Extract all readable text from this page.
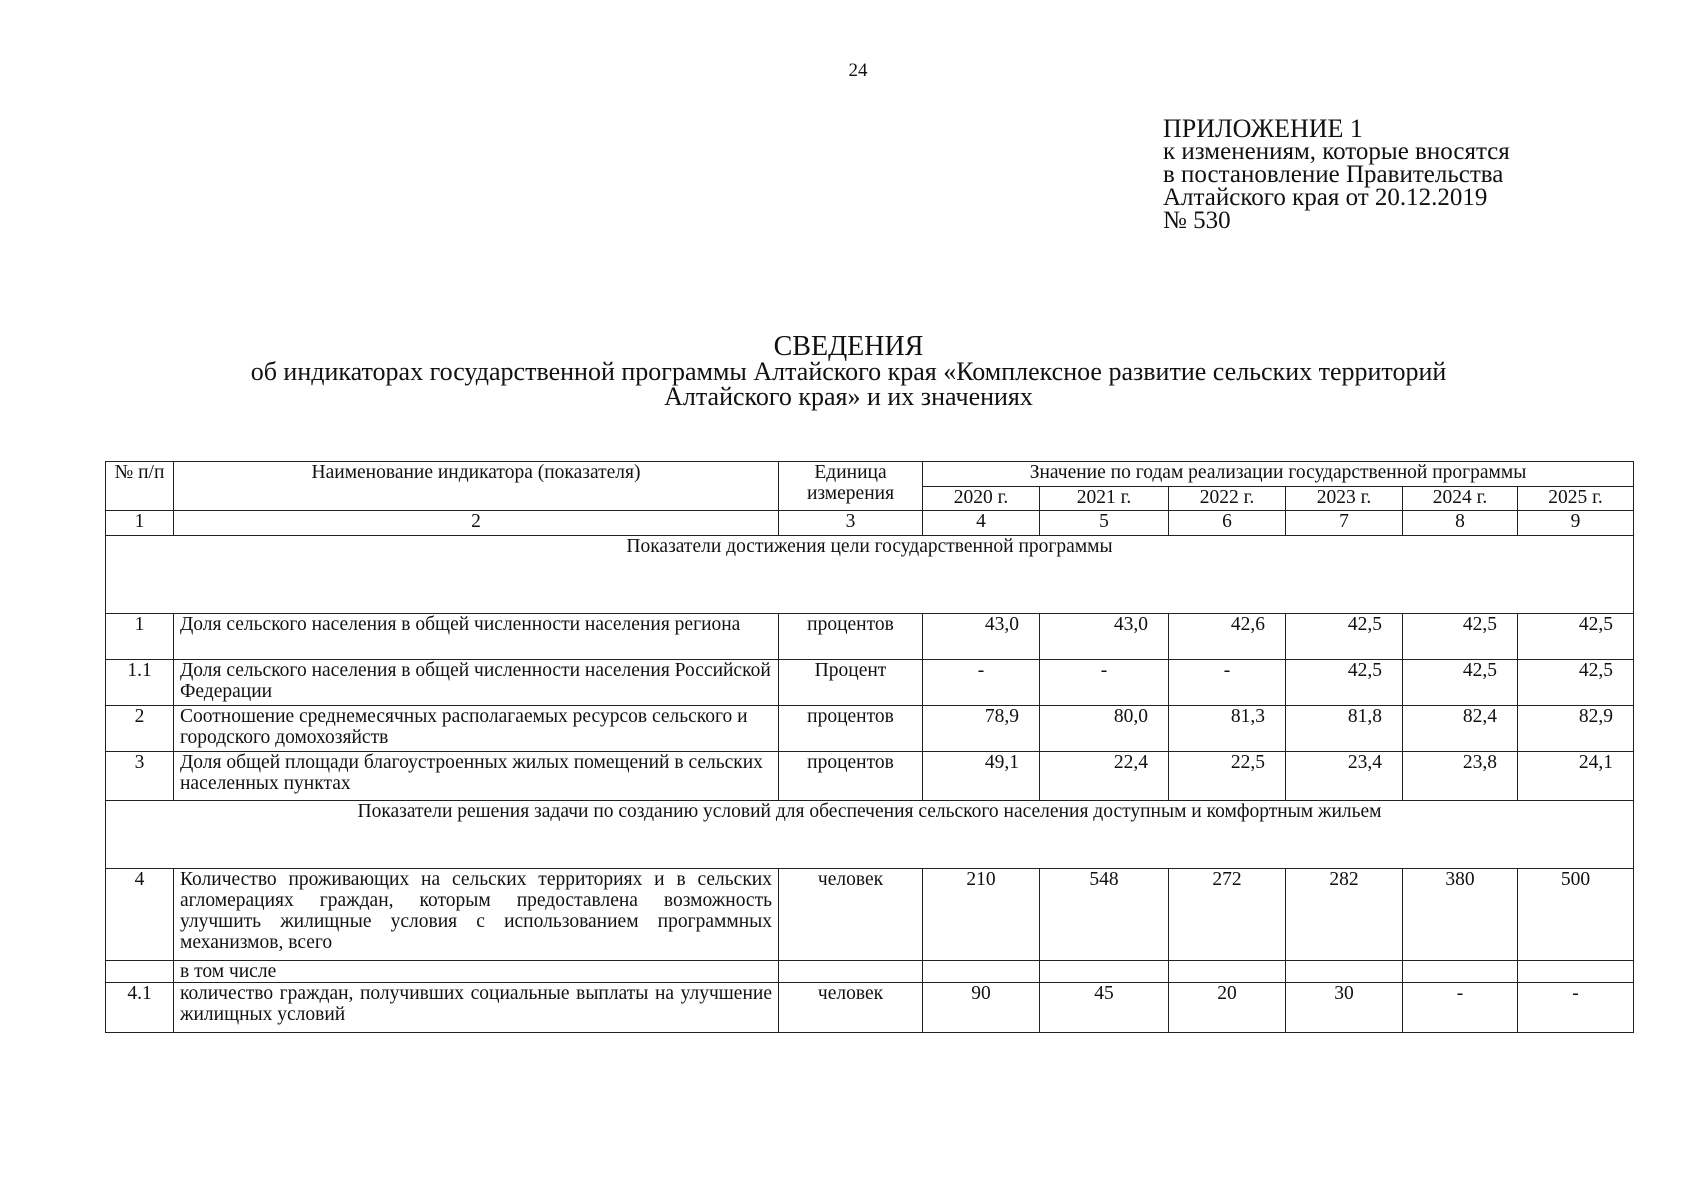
24
ПРИЛОЖЕНИЕ 1
к изменениям, которые вносятся
в постановление Правительства
Алтайского края от 20.12.2019
№ 530
СВЕДЕНИЯ
об индикаторах государственной программы Алтайского края «Комплексное развитие сельских территорий
Алтайского края» и их значениях
№ п/п	Наименование индикатора (показателя)	Единица измерения	Значение по годам реализации государственной программы					
			2020 г.	2021 г.	2022 г.	2023 г.	2024 г.	2025 г.
1	2	3	4	5	6	7	8	9
Показатели достижения цели государственной программы								
1	Доля сельского населения в общей численности населения региона	процентов	43,0	43,0	42,6	42,5	42,5	42,5
1.1	Доля сельского населения в общей численности населения Российской Федерации	Процент	-	-	-	42,5	42,5	42,5
2	Соотношение среднемесячных располагаемых ресурсов сельского и городского домохозяйств	процентов	78,9	80,0	81,3	81,8	82,4	82,9
3	Доля общей площади благоустроенных жилых помещений в сельских населенных пунктах	процентов	49,1	22,4	22,5	23,4	23,8	24,1
Показатели решения задачи по созданию условий для обеспечения сельского населения доступным и комфортным жильем								
4	Количество проживающих на сельских территориях и в сельских агломерациях граждан, которым предоставлена возможность улучшить жилищные условия с использованием программных механизмов, всего	человек	210	548	272	282	380	500
	в том числе							
4.1	количество граждан, получивших социальные выплаты на улучшение жилищных условий	человек	90	45	20	30	-	-
